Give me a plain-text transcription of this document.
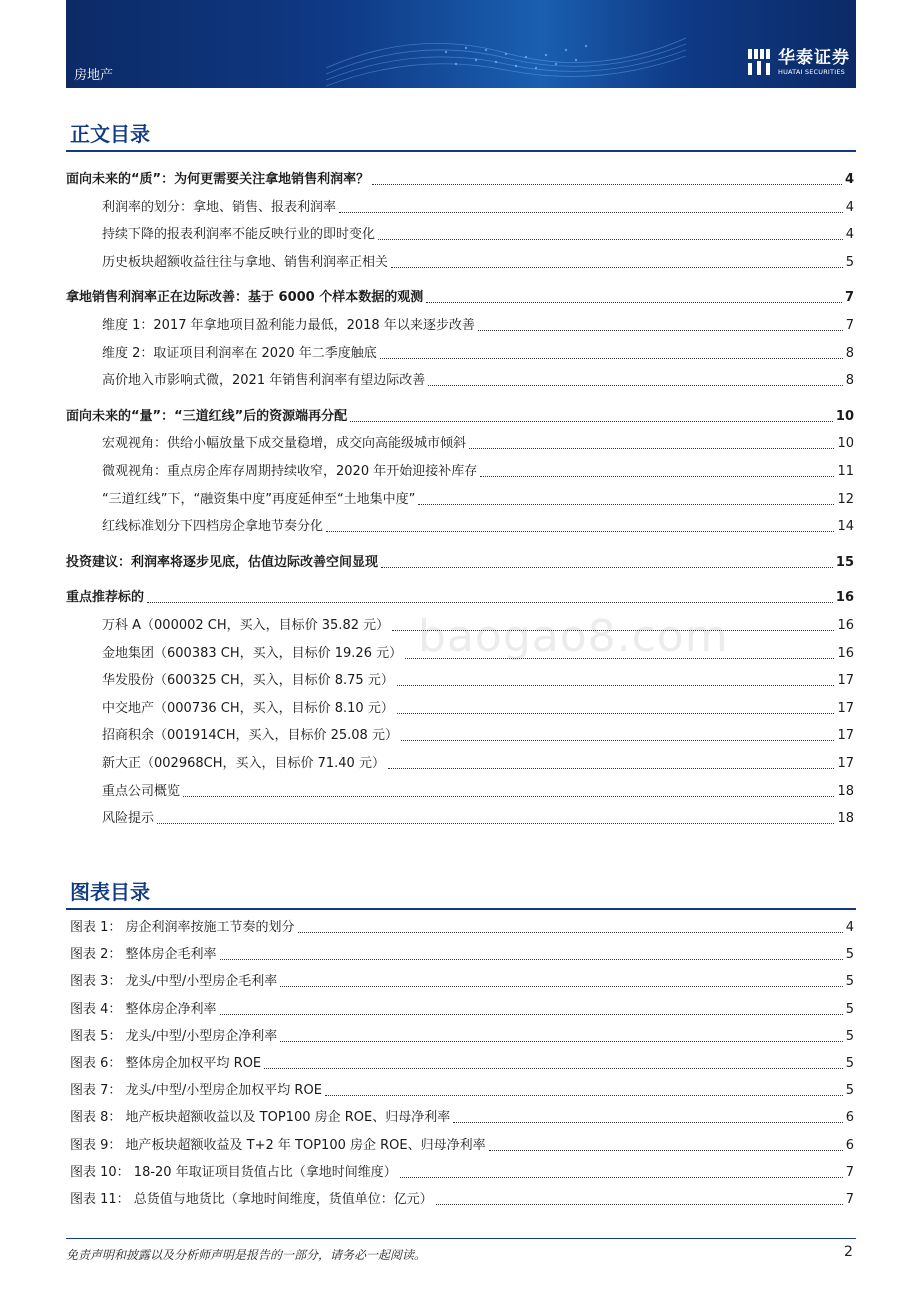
房地产
华泰证券
HUATAI SECURITIES
正文目录
baogao8.com
面向未来的“质”：为何更需要关注拿地销售利润率？	4
利润率的划分：拿地、销售、报表利润率	4
持续下降的报表利润率不能反映行业的即时变化	4
历史板块超额收益往往与拿地、销售利润率正相关	5
拿地销售利润率正在边际改善：基于 6000 个样本数据的观测	7
维度 1：2017 年拿地项目盈利能力最低，2018 年以来逐步改善	7
维度 2：取证项目利润率在 2020 年二季度触底	8
高价地入市影响式微，2021 年销售利润率有望边际改善	8
面向未来的“量”：“三道红线”后的资源端再分配	10
宏观视角：供给小幅放量下成交量稳增，成交向高能级城市倾斜	10
微观视角：重点房企库存周期持续收窄，2020 年开始迎接补库存	11
“三道红线”下，“融资集中度”再度延伸至“土地集中度”	12
红线标准划分下四档房企拿地节奏分化	14
投资建议：利润率将逐步见底，估值边际改善空间显现	15
重点推荐标的	16
万科 A（000002 CH，买入，目标价 35.82 元）	16
金地集团（600383 CH，买入，目标价 19.26 元）	16
华发股份（600325 CH，买入，目标价 8.75 元）	17
中交地产（000736 CH，买入，目标价 8.10 元）	17
招商积余（001914CH，买入，目标价 25.08 元）	17
新大正（002968CH，买入，目标价 71.40 元）	17
重点公司概览	18
风险提示	18
图表目录
图表 1： 房企利润率按施工节奏的划分	4
图表 2： 整体房企毛利率	5
图表 3： 龙头/中型/小型房企毛利率	5
图表 4： 整体房企净利率	5
图表 5： 龙头/中型/小型房企净利率	5
图表 6： 整体房企加权平均 ROE	5
图表 7： 龙头/中型/小型房企加权平均 ROE	5
图表 8： 地产板块超额收益以及 TOP100 房企 ROE、归母净利率	6
图表 9： 地产板块超额收益及 T+2 年 TOP100 房企 ROE、归母净利率	6
图表 10： 18-20 年取证项目货值占比（拿地时间维度）	7
图表 11： 总货值与地货比（拿地时间维度，货值单位：亿元）	7
免责声明和披露以及分析师声明是报告的一部分，请务必一起阅读。	2
